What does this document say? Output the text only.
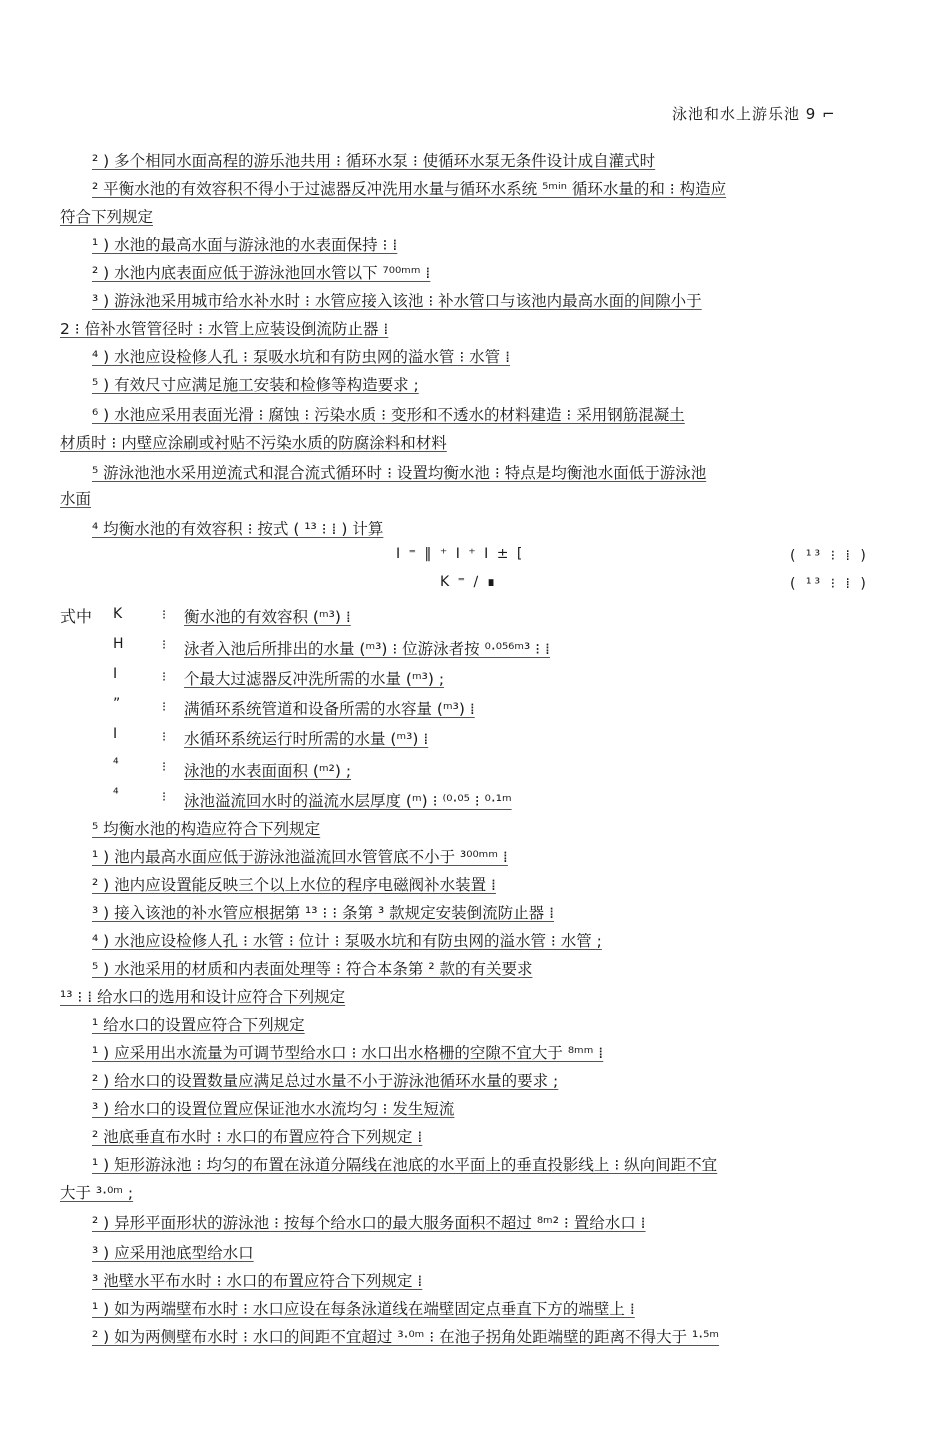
泳池和水上游乐池 9 ⌐
² ) 多个相同水面高程的游乐池共用 ⁝ 循环水泵 ⁝ 使循环水泵无条件设计成自灌式时
² 平衡水池的有效容积不得小于过滤器反冲洗用水量与循环水系统 ⁵ᵐⁱⁿ 循环水量的和 ⁝ 构造应
符合下列规定
¹ ) 水池的最高水面与游泳池的水表面保持 ⁝ ⁞
² ) 水池内底表面应低于游泳池回水管以下 ⁷⁰⁰ᵐᵐ ⁞
³ ) 游泳池采用城市给水补水时 ⁝ 水管应接入该池 ⁝ 补水管口与该池内最高水面的间隙小于
2 ⁝ 倍补水管管径时 ⁝ 水管上应装设倒流防止器 ⁞
⁴ ) 水池应设检修人孔 ⁝ 泵吸水坑和有防虫网的溢水管 ⁝ 水管 ⁞
⁵ ) 有效尺寸应满足施工安装和检修等构造要求 ;
⁶ ) 水池应采用表面光滑 ⁝ 腐蚀 ⁝ 污染水质 ⁝ 变形和不透水的材料建造 ⁝ 采用钢筋混凝土
材质时 ⁝ 内壁应涂刷或衬贴不污染水质的防腐涂料和材料
⁵ 游泳池池水采用逆流式和混合流式循环时 ⁝ 设置均衡水池 ⁝ 特点是均衡池水面低于游泳池
水面
⁴ 均衡水池的有效容积 ⁝ 按式 ( ¹³ ⁝ ⁞ ) 计算
I ⁼ ‖ ⁺ I ⁺ I ± [	( ¹³ ⁝ ⁞ )
K ⁼ ∕ ∎	( ¹³ ⁝ ⁞ )
式中 K	⁝ 衡水池的有效容积 (ᵐ³) ⁞
H	⁝ 泳者入池后所排出的水量 (ᵐ³) ⁝ 位游泳者按 ⁰·⁰⁵⁶ᵐ³ ⁝ ⁞
I	⁝ 个最大过滤器反冲洗所需的水量 (ᵐ³) ;
”	⁝ 满循环系统管道和设备所需的水容量 (ᵐ³) ⁞
I	⁝ 水循环系统运行时所需的水量 (ᵐ³) ⁞
⁴	⁝ 泳池的水表面面积 (ᵐ²) ;
⁴	⁝ 泳池溢流回水时的溢流水层厚度 (ᵐ) ⁝ ⁽⁰·⁰⁵ ⁝ ⁰·¹ᵐ
⁵ 均衡水池的构造应符合下列规定
¹ ) 池内最高水面应低于游泳池溢流回水管管底不小于 ³⁰⁰ᵐᵐ ⁞
² ) 池内应设置能反映三个以上水位的程序电磁阀补水装置 ⁞
³ ) 接入该池的补水管应根据第 ¹³ ⁝ ⁝ 条第 ³ 款规定安装倒流防止器 ⁞
⁴ ) 水池应设检修人孔 ⁝ 水管 ⁝ 位计 ⁝ 泵吸水坑和有防虫网的溢水管 ⁝ 水管 ;
⁵ ) 水池采用的材质和内表面处理等 ⁝ 符合本条第 ² 款的有关要求
¹³ ⁝ ⁞ 给水口的选用和设计应符合下列规定
¹ 给水口的设置应符合下列规定
¹ ) 应采用出水流量为可调节型给水口 ⁝ 水口出水格栅的空隙不宜大于 ⁸ᵐᵐ ⁞
² ) 给水口的设置数量应满足总过水量不小于游泳池循环水量的要求 ;
³ ) 给水口的设置位置应保证池水水流均匀 ⁝ 发生短流
² 池底垂直布水时 ⁝ 水口的布置应符合下列规定 ⁞
¹ ) 矩形游泳池 ⁝ 均匀的布置在泳道分隔线在池底的水平面上的垂直投影线上 ⁝ 纵向间距不宜
大于 ³·⁰ᵐ ;
² ) 异形平面形状的游泳池 ⁝ 按每个给水口的最大服务面积不超过 ⁸ᵐ² ⁝ 置给水口 ⁞
³ ) 应采用池底型给水口
³ 池壁水平布水时 ⁝ 水口的布置应符合下列规定 ⁞
¹ ) 如为两端壁布水时 ⁝ 水口应设在每条泳道线在端壁固定点垂直下方的端壁上 ⁞
² ) 如为两侧壁布水时 ⁝ 水口的间距不宜超过 ³·⁰ᵐ ⁝ 在池子拐角处距端壁的距离不得大于 ¹·⁵ᵐ
